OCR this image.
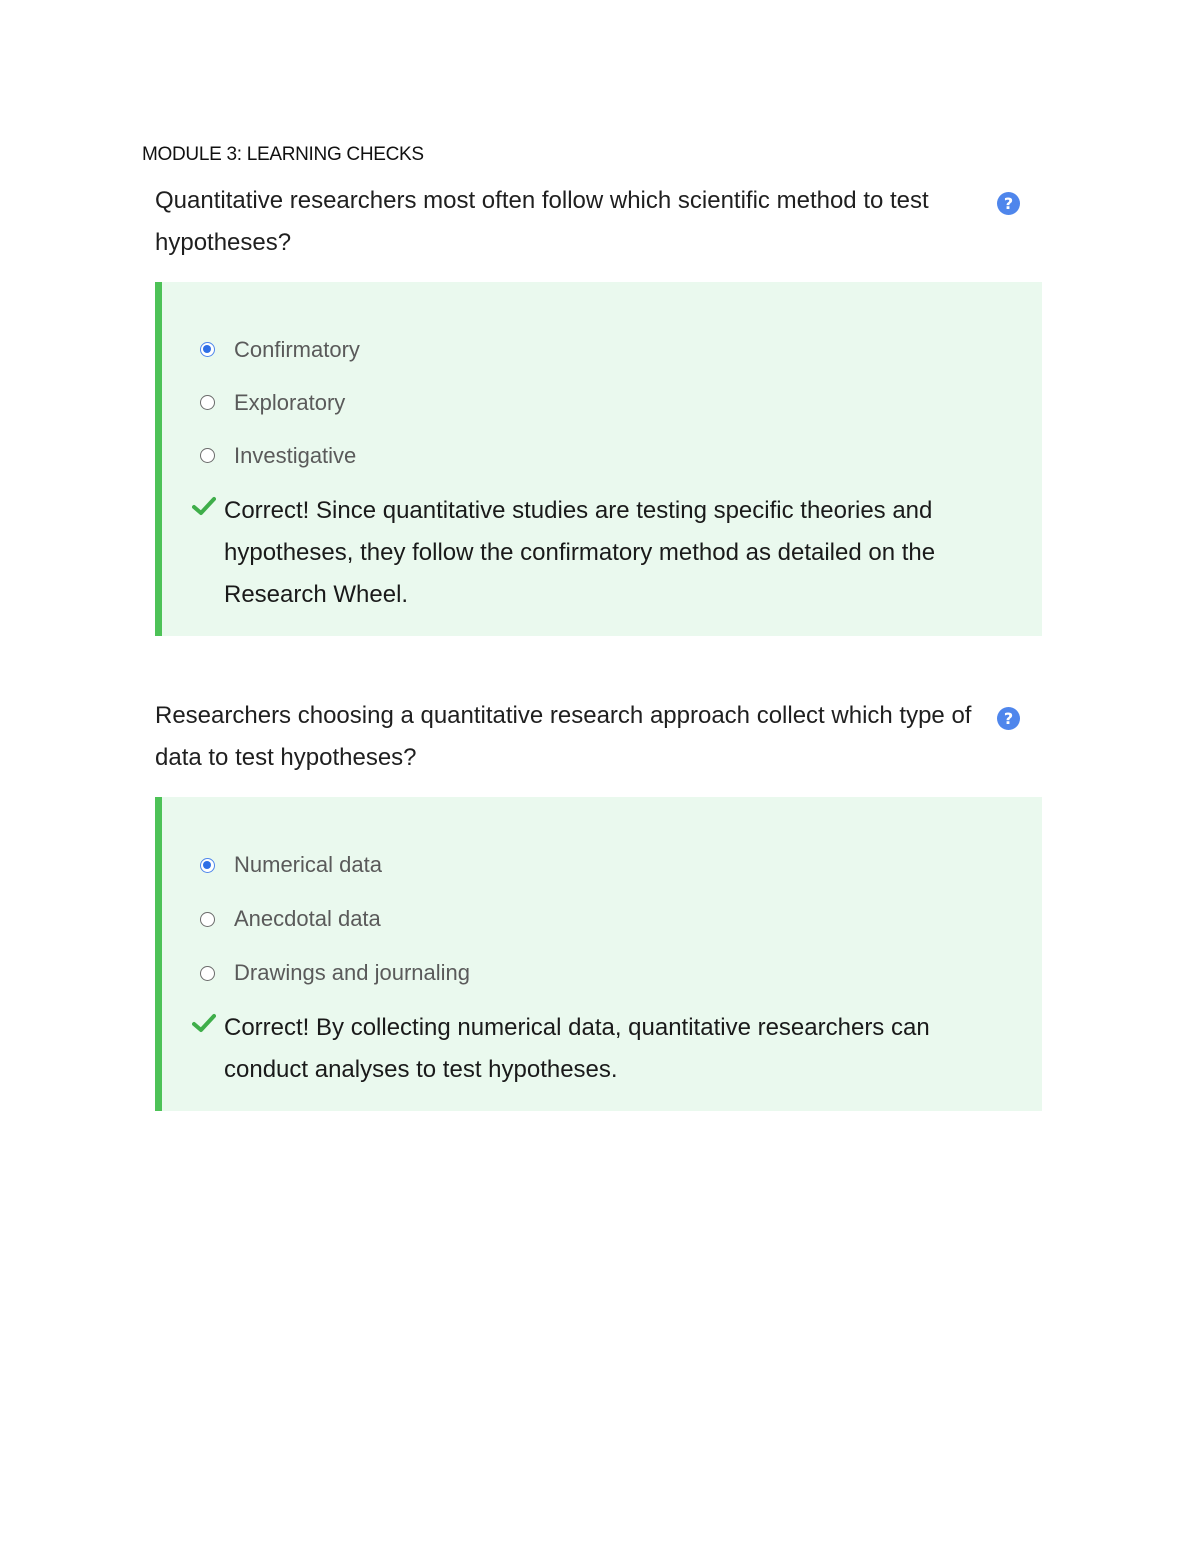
MODULE 3: LEARNING CHECKS
Quantitative researchers most often follow which scientific method to test hypotheses?
?
Confirmatory
Exploratory
Investigative
Correct! Since quantitative studies are testing specific theories and hypotheses, they follow the confirmatory method as detailed on the Research Wheel.
Researchers choosing a quantitative research approach collect which type of data to test hypotheses?
?
Numerical data
Anecdotal data
Drawings and journaling
Correct! By collecting numerical data, quantitative researchers can conduct analyses to test hypotheses.
